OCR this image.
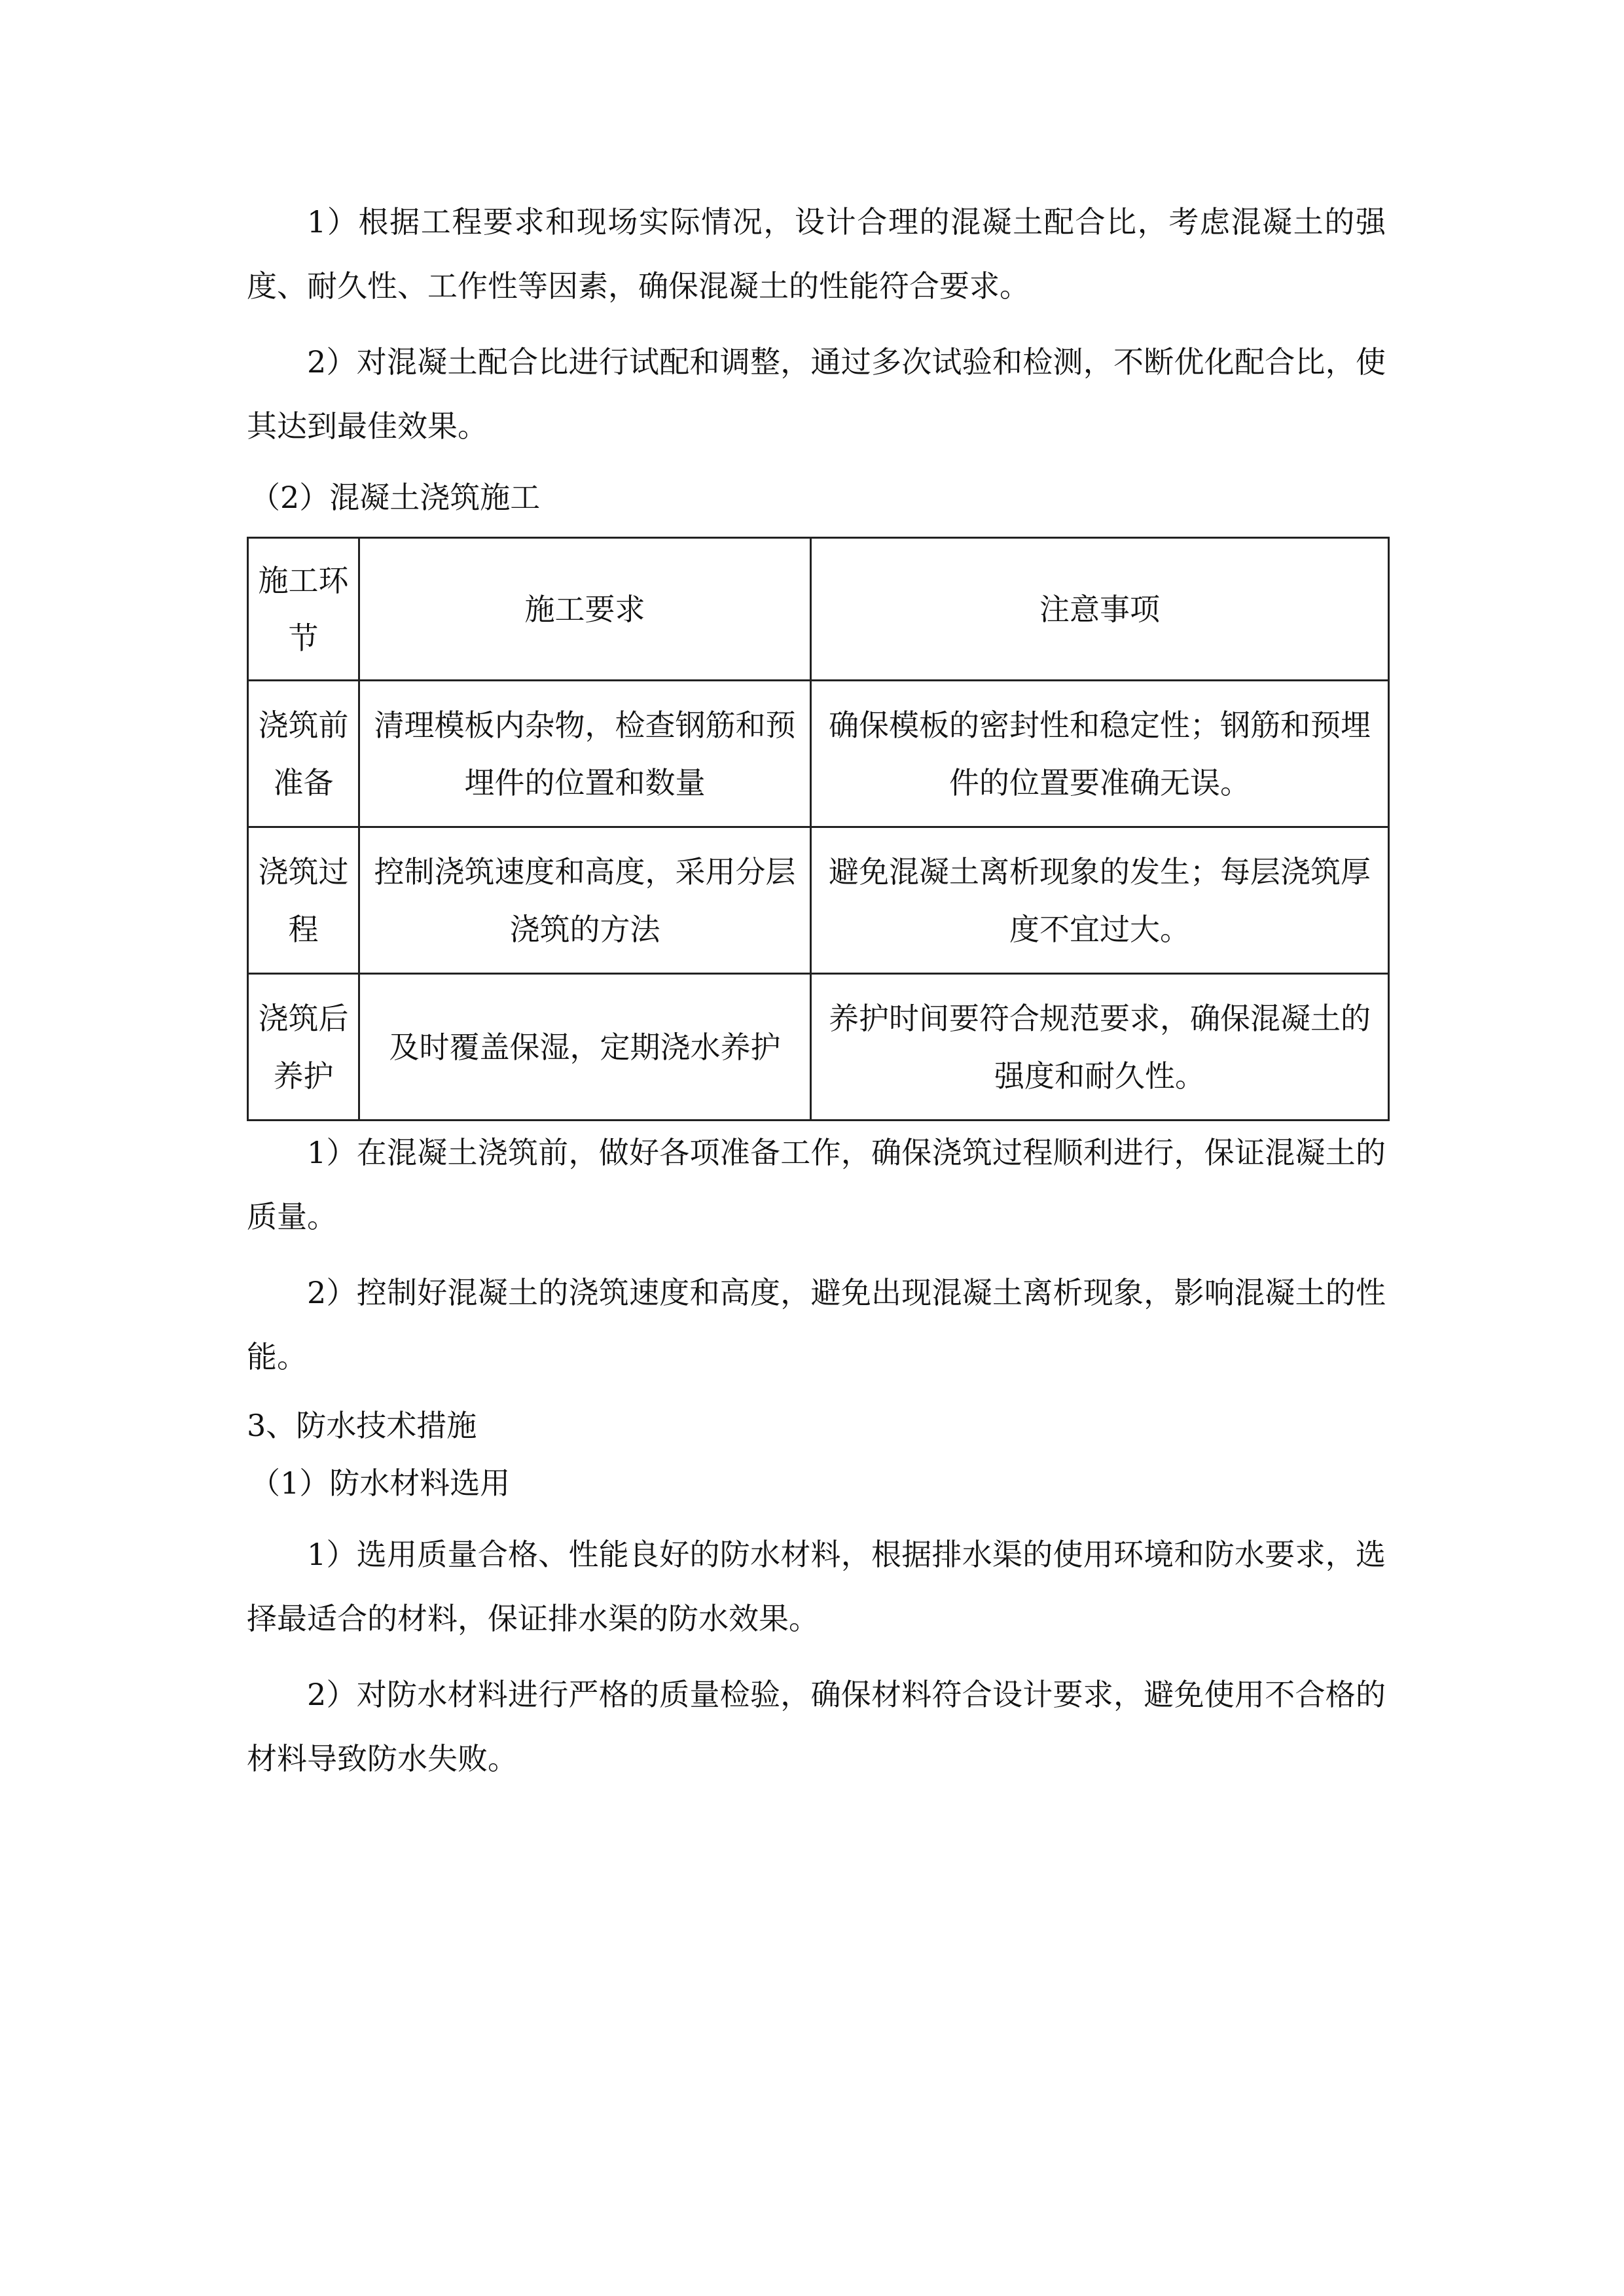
1）根据工程要求和现场实际情况，设计合理的混凝土配合比，考虑混凝土的强度、耐久性、工作性等因素，确保混凝土的性能符合要求。

2）对混凝土配合比进行试配和调整，通过多次试验和检测，不断优化配合比，使其达到最佳效果。

（2）混凝土浇筑施工

施工环节	施工要求	注意事项
浇筑前准备	清理模板内杂物，检查钢筋和预埋件的位置和数量	确保模板的密封性和稳定性；钢筋和预埋件的位置要准确无误。
浇筑过程	控制浇筑速度和高度，采用分层浇筑的方法	避免混凝土离析现象的发生；每层浇筑厚度不宜过大。
浇筑后养护	及时覆盖保湿，定期浇水养护	养护时间要符合规范要求，确保混凝土的强度和耐久性。

1）在混凝土浇筑前，做好各项准备工作，确保浇筑过程顺利进行，保证混凝土的质量。

2）控制好混凝土的浇筑速度和高度，避免出现混凝土离析现象，影响混凝土的性能。

3、防水技术措施

（1）防水材料选用

1）选用质量合格、性能良好的防水材料，根据排水渠的使用环境和防水要求，选择最适合的材料，保证排水渠的防水效果。

2）对防水材料进行严格的质量检验，确保材料符合设计要求，避免使用不合格的材料导致防水失败。
